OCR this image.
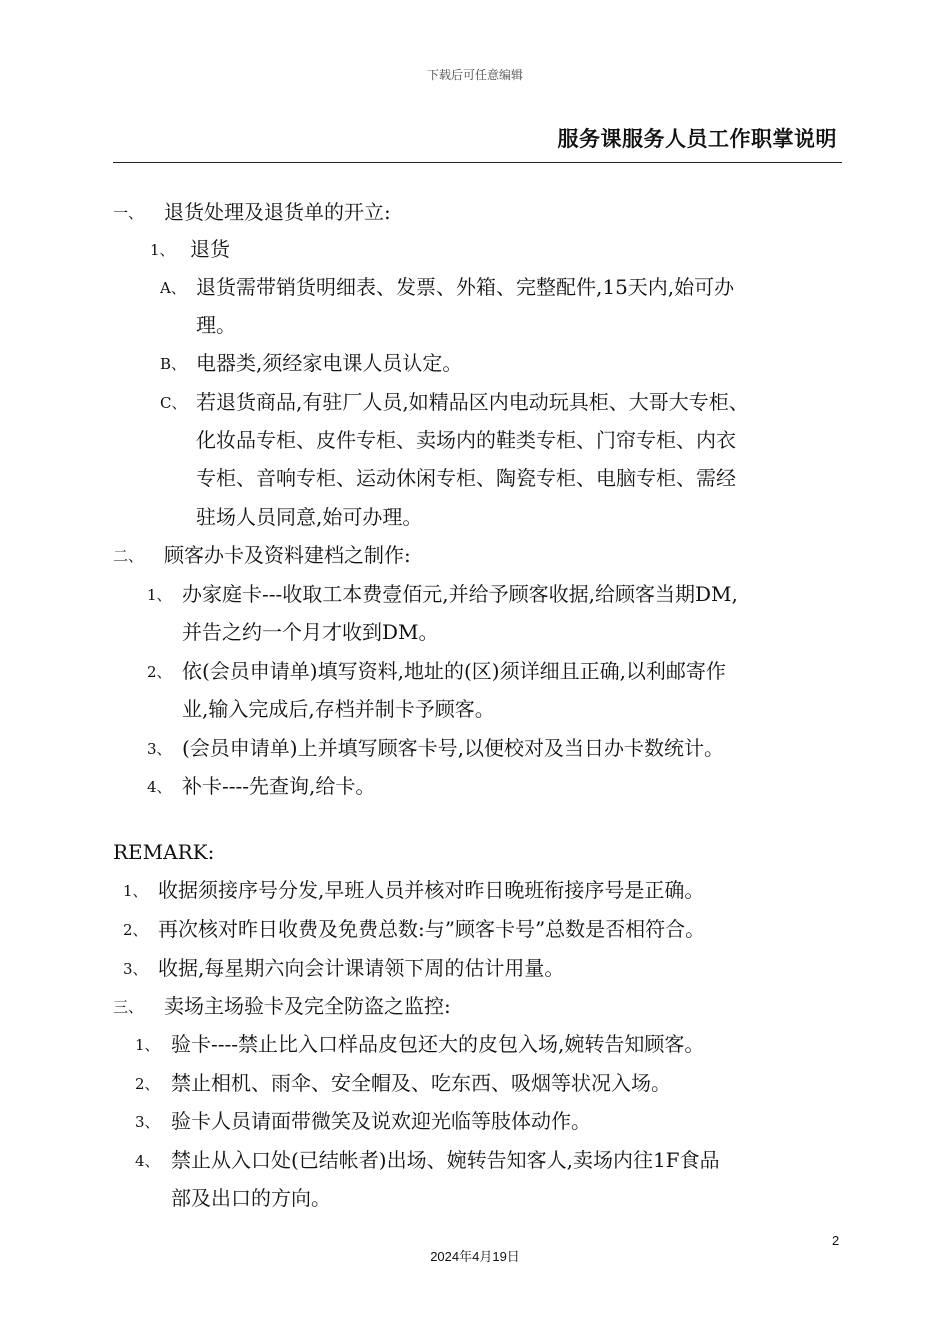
下载后可任意编辑
服务课服务人员工作职掌说明
一、 退货处理及退货单的开立:
1、 退货
A、 退货需带销货明细表、发票、外箱、完整配件,15天内,始可办
理。
B、 电器类,须经家电课人员认定。
C、 若退货商品,有驻厂人员,如精品区内电动玩具柜、大哥大专柜、
化妆品专柜、皮件专柜、卖场内的鞋类专柜、门帘专柜、内衣
专柜、音响专柜、运动休闲专柜、陶瓷专柜、电脑专柜、需经
驻场人员同意,始可办理。
二、 顾客办卡及资料建档之制作:
1、 办家庭卡---收取工本费壹佰元,并给予顾客收据,给顾客当期DM,
并告之约一个月才收到DM。
2、 依(会员申请单)填写资料,地址的(区)须详细且正确,以利邮寄作
业,输入完成后,存档并制卡予顾客。
3、 (会员申请单)上并填写顾客卡号,以便校对及当日办卡数统计。
4、 补卡----先查询,给卡。
REMARK:
1、 收据须接序号分发,早班人员并核对昨日晚班衔接序号是正确。
2、 再次核对昨日收费及免费总数:与”顾客卡号”总数是否相符合。
3、 收据,每星期六向会计课请领下周的估计用量。
三、 卖场主场验卡及完全防盗之监控:
1、 验卡----禁止比入口样品皮包还大的皮包入场,婉转告知顾客。
2、 禁止相机、雨伞、安全帽及、吃东西、吸烟等状况入场。
3、 验卡人员请面带微笑及说欢迎光临等肢体动作。
4、 禁止从入口处(已结帐者)出场、婉转告知客人,卖场内往1F食品
部及出口的方向。
2
2024年4月19日
